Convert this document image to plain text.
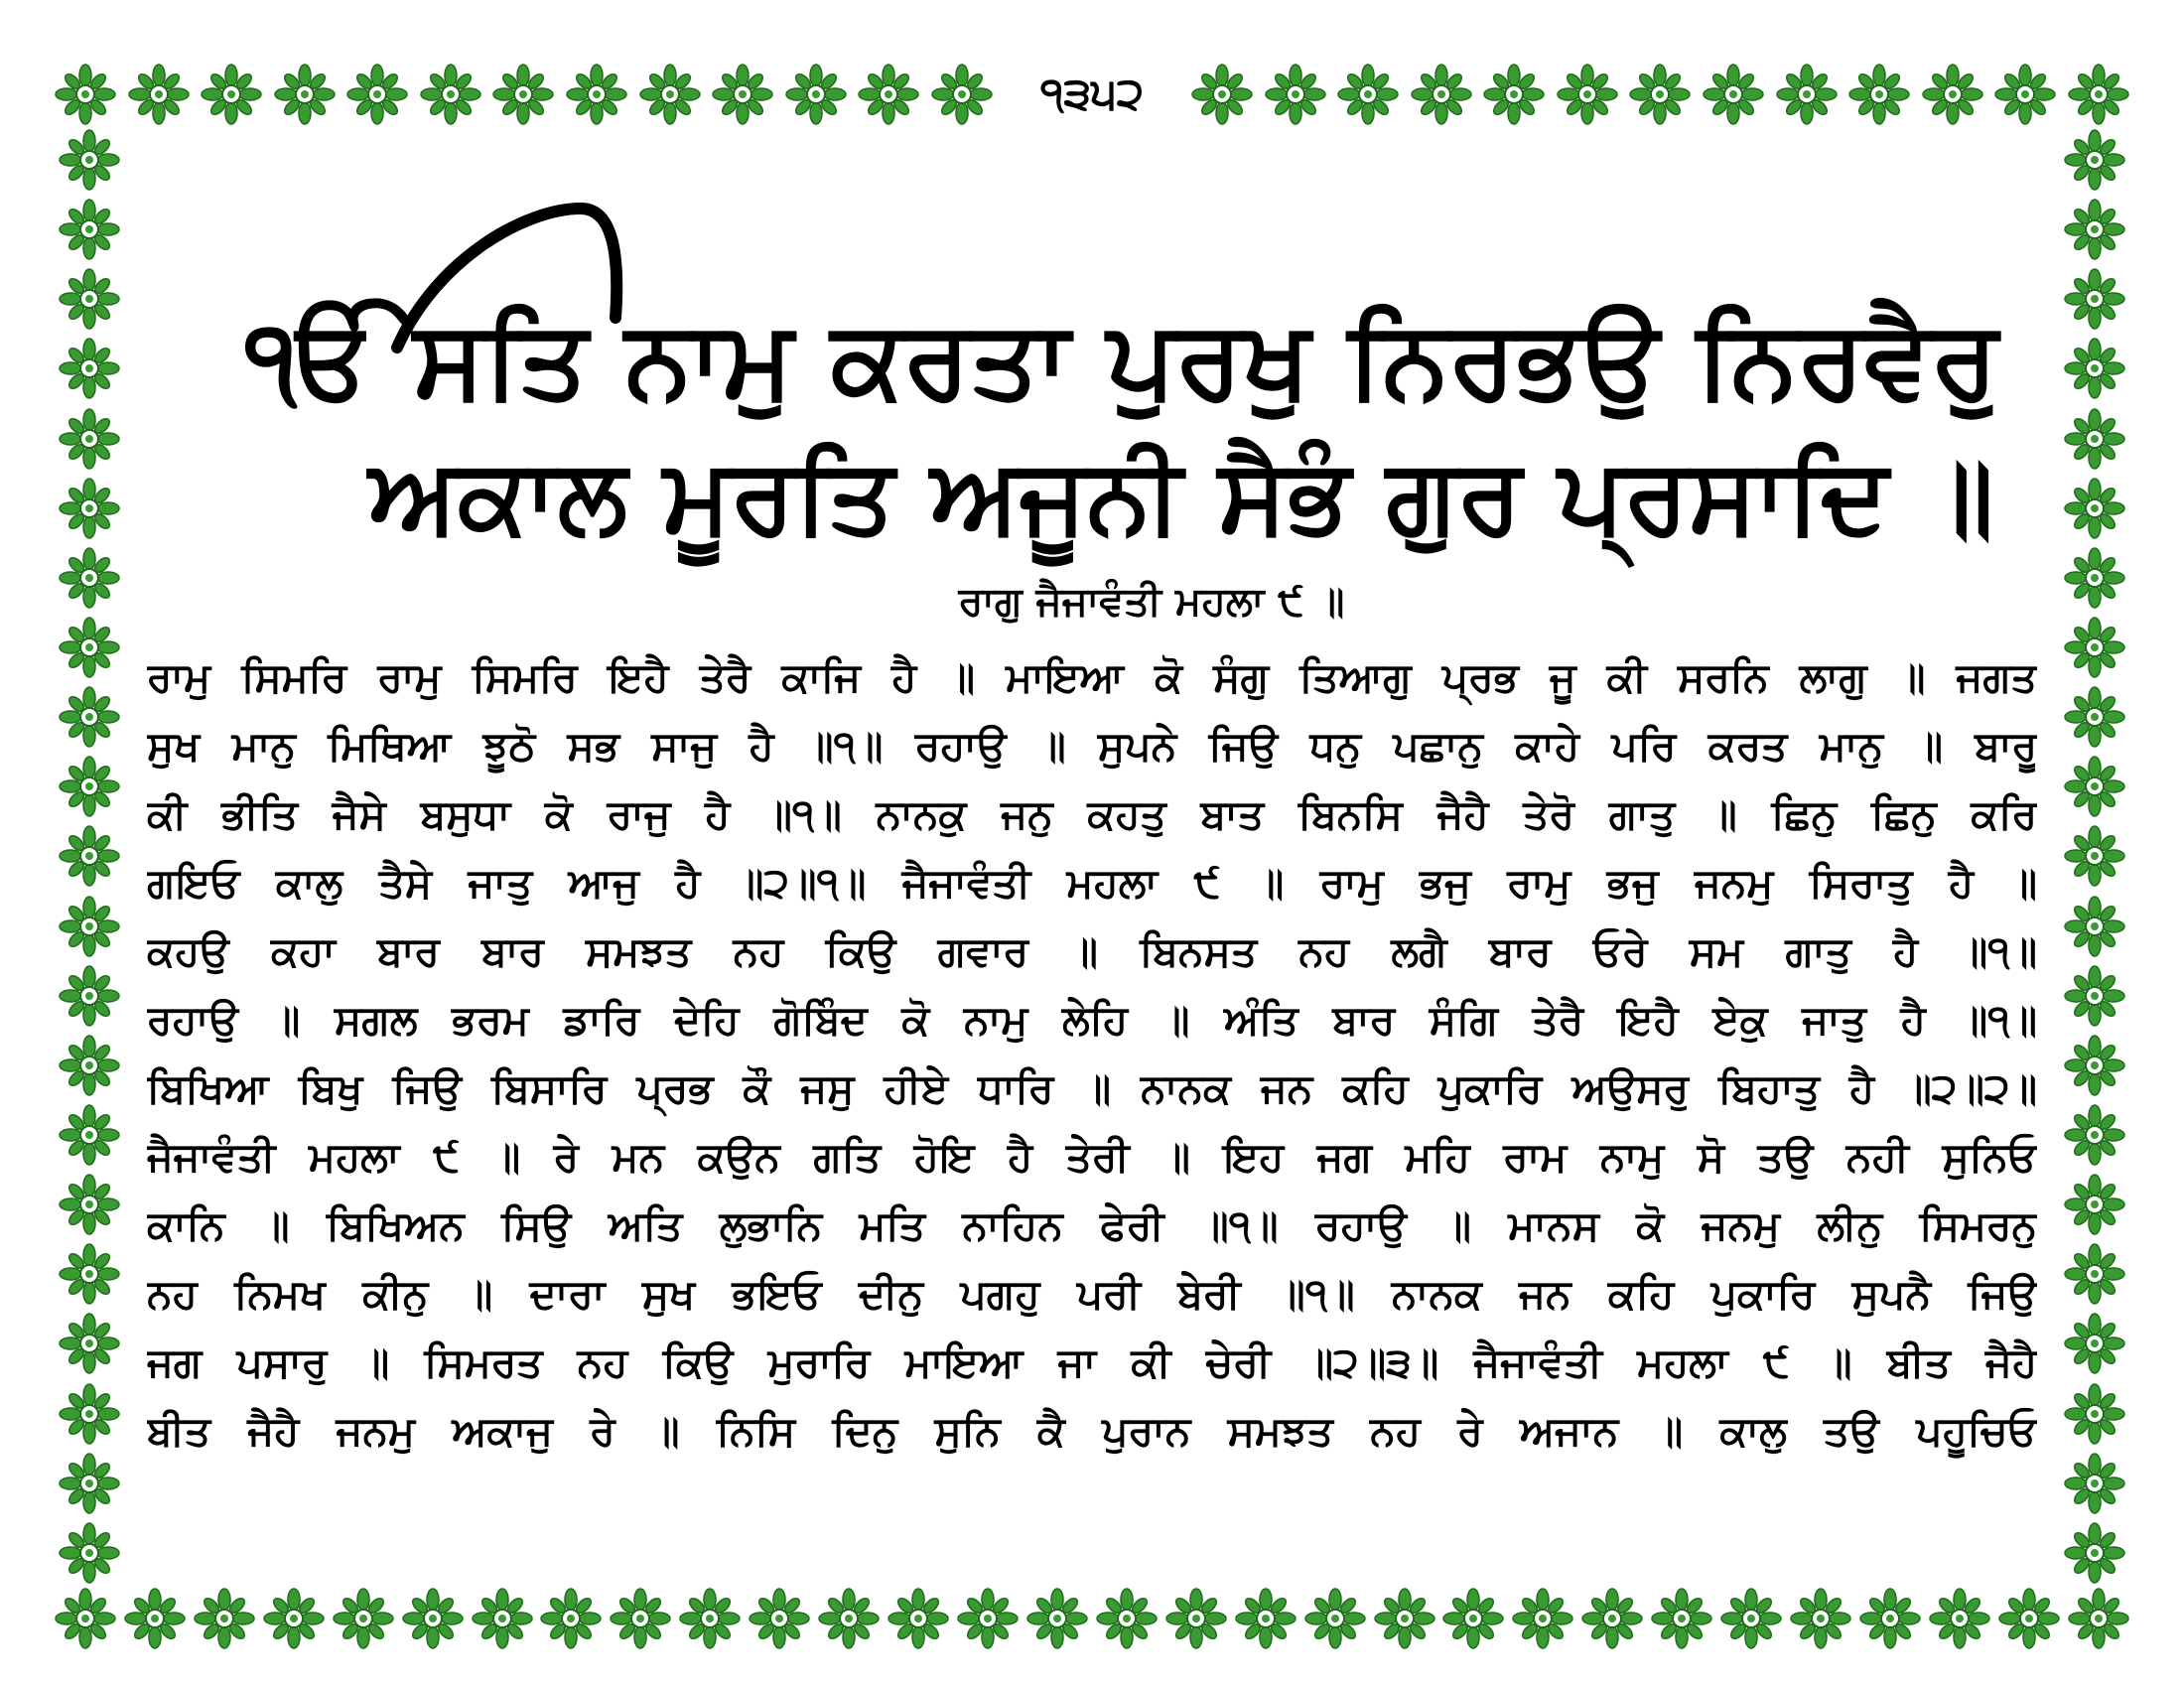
੧੩੫੨
ੴ ਸਤਿ ਨਾਮੁ ਕਰਤਾ ਪੁਰਖੁ ਨਿਰਭਉ ਨਿਰਵੈਰੁ
ਅਕਾਲ ਮੂਰਤਿ ਅਜੂਨੀ ਸੈਭੰ ਗੁਰ ਪ੍ਰਸਾਦਿ ॥
ਰਾਗੁ ਜੈਜਾਵੰਤੀ ਮਹਲਾ ੯ ॥
ਰਾਮੁ ਸਿਮਰਿ ਰਾਮੁ ਸਿਮਰਿ ਇਹੈ ਤੇਰੈ ਕਾਜਿ ਹੈ ॥ ਮਾਇਆ ਕੋ ਸੰਗੁ ਤਿਆਗੁ ਪ੍ਰਭ ਜੂ ਕੀ ਸਰਨਿ ਲਾਗੁ ॥ ਜਗਤ
ਸੁਖ ਮਾਨੁ ਮਿਥਿਆ ਝੂਠੋ ਸਭ ਸਾਜੁ ਹੈ ॥੧॥ ਰਹਾਉ ॥ ਸੁਪਨੇ ਜਿਉ ਧਨੁ ਪਛਾਨੁ ਕਾਹੇ ਪਰਿ ਕਰਤ ਮਾਨੁ ॥ ਬਾਰੂ
ਕੀ ਭੀਤਿ ਜੈਸੇ ਬਸੁਧਾ ਕੋ ਰਾਜੁ ਹੈ ॥੧॥ ਨਾਨਕੁ ਜਨੁ ਕਹਤੁ ਬਾਤ ਬਿਨਸਿ ਜੈਹੈ ਤੇਰੋ ਗਾਤੁ ॥ ਛਿਨੁ ਛਿਨੁ ਕਰਿ
ਗਇਓ ਕਾਲੁ ਤੈਸੇ ਜਾਤੁ ਆਜੁ ਹੈ ॥੨॥੧॥ ਜੈਜਾਵੰਤੀ ਮਹਲਾ ੯ ॥ ਰਾਮੁ ਭਜੁ ਰਾਮੁ ਭਜੁ ਜਨਮੁ ਸਿਰਾਤੁ ਹੈ ॥
ਕਹਉ ਕਹਾ ਬਾਰ ਬਾਰ ਸਮਝਤ ਨਹ ਕਿਉ ਗਵਾਰ ॥ ਬਿਨਸਤ ਨਹ ਲਗੈ ਬਾਰ ਓਰੇ ਸਮ ਗਾਤੁ ਹੈ ॥੧॥
ਰਹਾਉ ॥ ਸਗਲ ਭਰਮ ਡਾਰਿ ਦੇਹਿ ਗੋਬਿੰਦ ਕੋ ਨਾਮੁ ਲੇਹਿ ॥ ਅੰਤਿ ਬਾਰ ਸੰਗਿ ਤੇਰੈ ਇਹੈ ਏਕੁ ਜਾਤੁ ਹੈ ॥੧॥
ਬਿਖਿਆ ਬਿਖੁ ਜਿਉ ਬਿਸਾਰਿ ਪ੍ਰਭ ਕੌ ਜਸੁ ਹੀਏ ਧਾਰਿ ॥ ਨਾਨਕ ਜਨ ਕਹਿ ਪੁਕਾਰਿ ਅਉਸਰੁ ਬਿਹਾਤੁ ਹੈ ॥੨॥੨॥
ਜੈਜਾਵੰਤੀ ਮਹਲਾ ੯ ॥ ਰੇ ਮਨ ਕਉਨ ਗਤਿ ਹੋਇ ਹੈ ਤੇਰੀ ॥ ਇਹ ਜਗ ਮਹਿ ਰਾਮ ਨਾਮੁ ਸੋ ਤਉ ਨਹੀ ਸੁਨਿਓ
ਕਾਨਿ ॥ ਬਿਖਿਅਨ ਸਿਉ ਅਤਿ ਲੁਭਾਨਿ ਮਤਿ ਨਾਹਿਨ ਫੇਰੀ ॥੧॥ ਰਹਾਉ ॥ ਮਾਨਸ ਕੋ ਜਨਮੁ ਲੀਨੁ ਸਿਮਰਨੁ
ਨਹ ਨਿਮਖ ਕੀਨੁ ॥ ਦਾਰਾ ਸੁਖ ਭਇਓ ਦੀਨੁ ਪਗਹੁ ਪਰੀ ਬੇਰੀ ॥੧॥ ਨਾਨਕ ਜਨ ਕਹਿ ਪੁਕਾਰਿ ਸੁਪਨੈ ਜਿਉ
ਜਗ ਪਸਾਰੁ ॥ ਸਿਮਰਤ ਨਹ ਕਿਉ ਮੁਰਾਰਿ ਮਾਇਆ ਜਾ ਕੀ ਚੇਰੀ ॥੨॥੩॥ ਜੈਜਾਵੰਤੀ ਮਹਲਾ ੯ ॥ ਬੀਤ ਜੈਹੈ
ਬੀਤ ਜੈਹੈ ਜਨਮੁ ਅਕਾਜੁ ਰੇ ॥ ਨਿਸਿ ਦਿਨੁ ਸੁਨਿ ਕੈ ਪੁਰਾਨ ਸਮਝਤ ਨਹ ਰੇ ਅਜਾਨ ॥ ਕਾਲੁ ਤਉ ਪਹੂਚਿਓ
